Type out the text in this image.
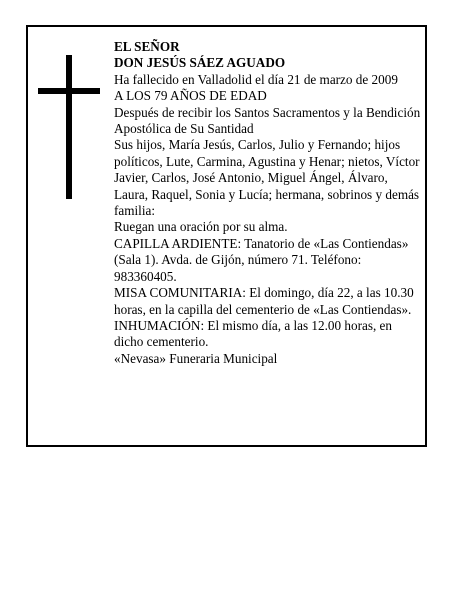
EL SEÑOR

DON JESÚS SÁEZ AGUADO

Ha fallecido en Valladolid el día 21 de marzo de 2009

A LOS 79 AÑOS DE EDAD

Después de recibir los Santos Sacramentos y la Bendición Apostólica de Su Santidad

Sus hijos, María Jesús, Carlos, Julio y Fernando; hijos políticos, Lute, Carmina, Agustina y Henar; nietos, Víctor Javier, Carlos, José Antonio, Miguel Ángel, Álvaro, Laura, Raquel, Sonia y Lucía; hermana, sobrinos y demás familia:

Ruegan una oración por su alma.

CAPILLA ARDIENTE: Tanatorio de «Las Contiendas» (Sala 1). Avda. de Gijón, número 71. Teléfono: 983360405.

MISA COMUNITARIA: El domingo, día 22, a las 10.30 horas, en la capilla del cementerio de «Las Contiendas».

INHUMACIÓN: El mismo día, a las 12.00 horas, en dicho cementerio.

«Nevasa» Funeraria Municipal
